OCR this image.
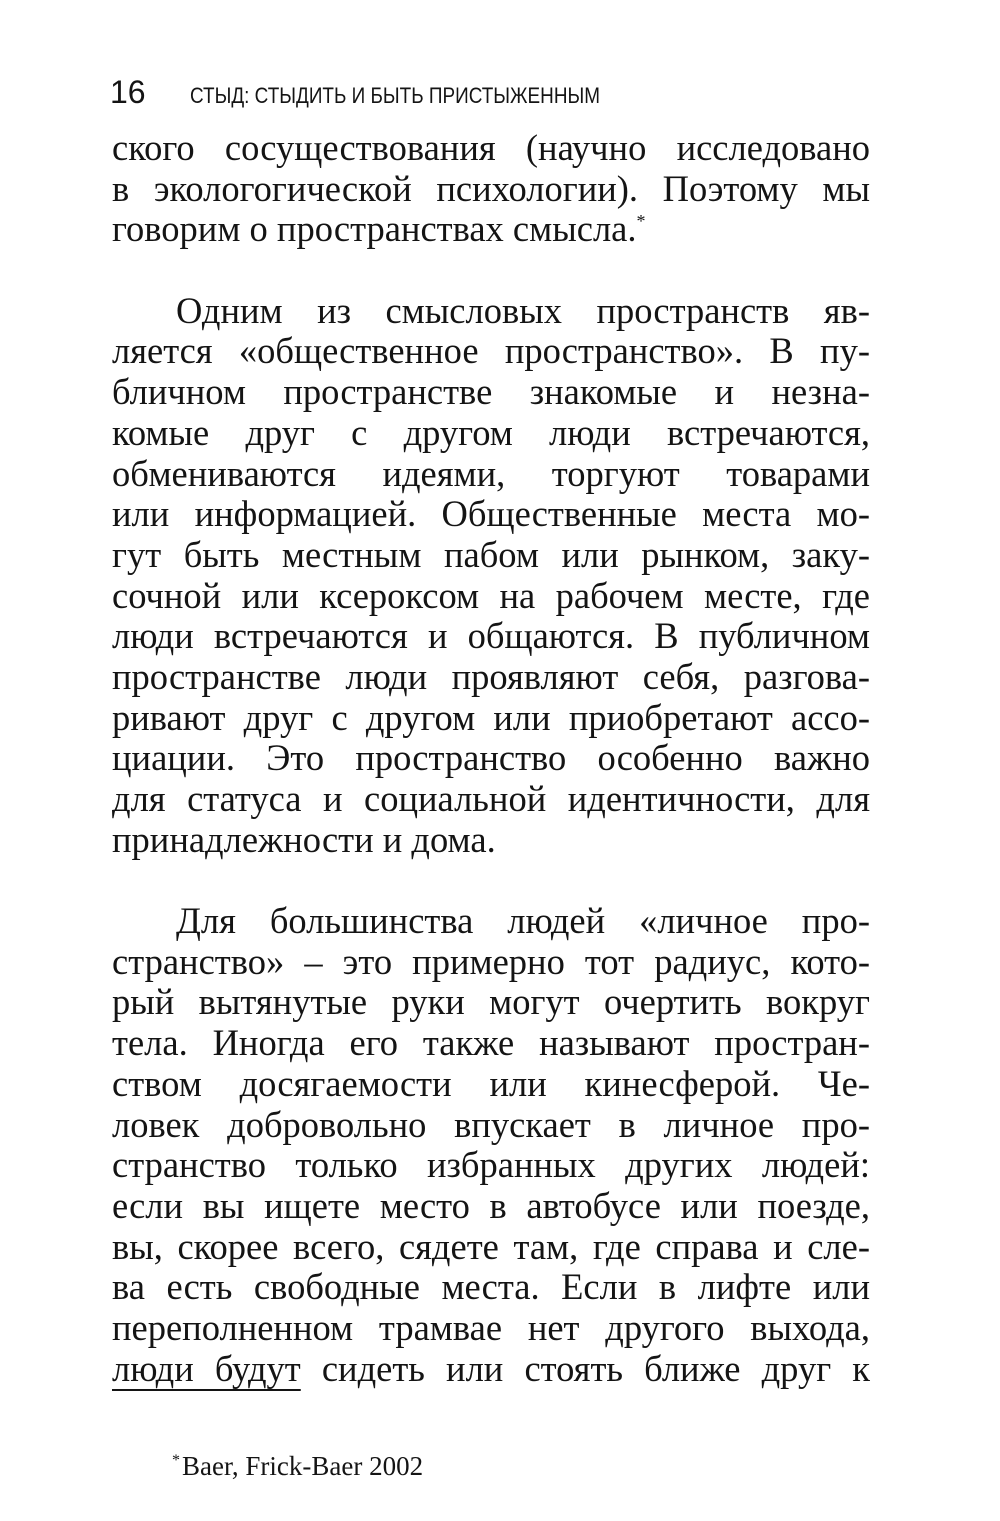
16 СТЫД: СТЫДИТЬ И БЫТЬ ПРИСТЫЖЕННЫМ
ского сосуществования (научно исследовано
в экологогической психологии). Поэтому мы
говорим о пространствах смысла.*
Одним из смысловых пространств яв-
ляется «общественное пространство». В пу-
бличном пространстве знакомые и незна-
комые друг с другом люди встречаются,
обмениваются идеями, торгуют товарами
или информацией. Общественные места мо-
гут быть местным пабом или рынком, заку-
сочной или ксероксом на рабочем месте, где
люди встречаются и общаются. В публичном
пространстве люди проявляют себя, разгова-
ривают друг с другом или приобретают ассо-
циации. Это пространство особенно важно
для статуса и социальной идентичности, для
принадлежности и дома.
Для большинства людей «личное про-
странство» – это примерно тот радиус, кото-
рый вытянутые руки могут очертить вокруг
тела. Иногда его также называют простран-
ством досягаемости или кинесферой. Че-
ловек добровольно впускает в личное про-
странство только избранных других людей:
если вы ищете место в автобусе или поезде,
вы, скорее всего, сядете там, где справа и сле-
ва есть свободные места. Если в лифте или
переполненном трамвае нет другого выхода,
люди будут сидеть или стоять ближе друг к
*Baer, Frick-Baer 2002
